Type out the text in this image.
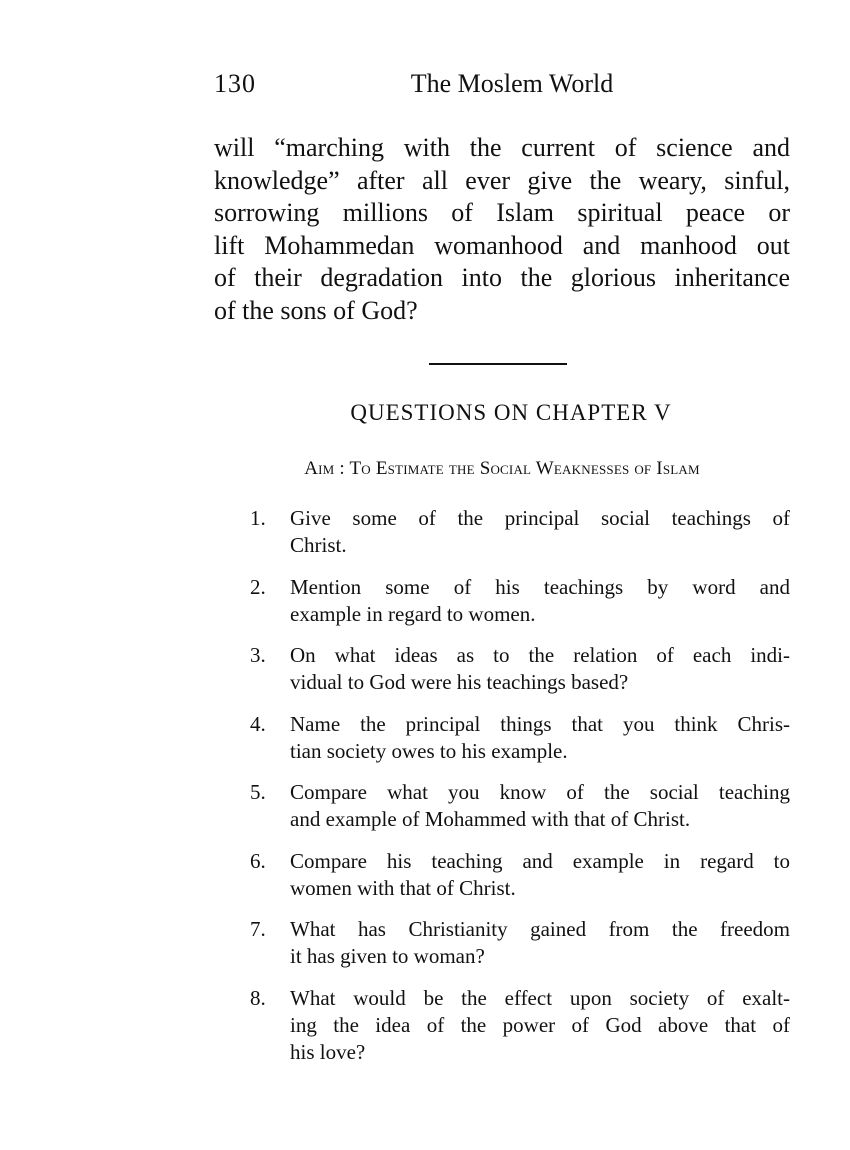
130	The Moslem World

will “marching with the current of science and
knowledge” after all ever give the weary, sinful,
sorrowing millions of Islam spiritual peace or
lift Mohammedan womanhood and manhood out
of their degradation into the glorious inheritance
of the sons of God?

QUESTIONS ON CHAPTER V
Aim : To Estimate the Social Weaknesses of Islam
1. Give some of the principal social teachings of
Christ.
2. Mention some of his teachings by word and
example in regard to women.
3. On what ideas as to the relation of each indi-
vidual to God were his teachings based?
4. Name the principal things that you think Chris-
tian society owes to his example.
5. Compare what you know of the social teaching
and example of Mohammed with that of Christ.
6. Compare his teaching and example in regard to
women with that of Christ.
7. What has Christianity gained from the freedom
it has given to woman?
8. What would be the effect upon society of exalt-
ing the idea of the power of God above that of
his love?
